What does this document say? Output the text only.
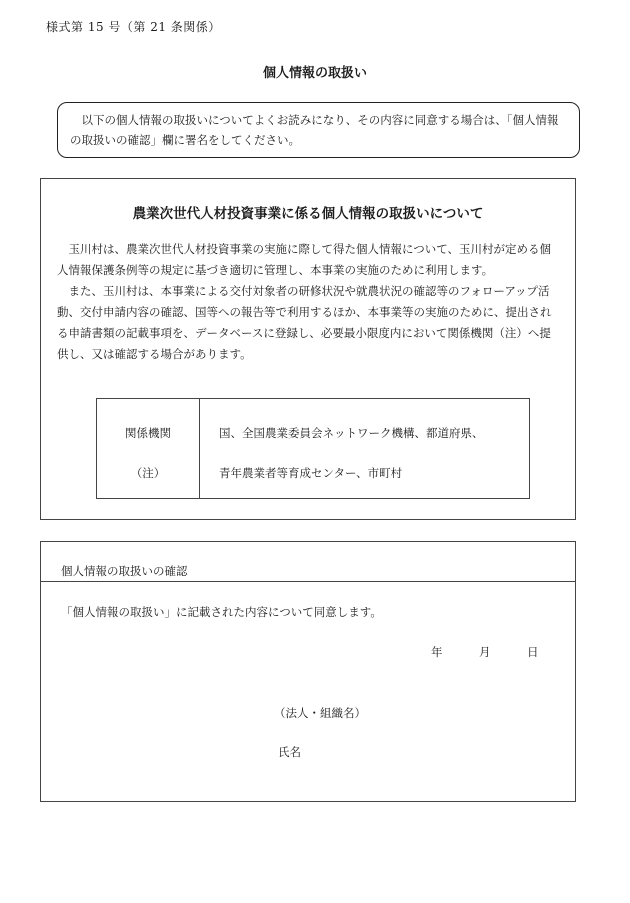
様式第 15 号（第 21 条関係）
個人情報の取扱い
以下の個人情報の取扱いについてよくお読みになり、その内容に同意する場合は、「個人情報の取扱いの確認」欄に署名をしてください。
農業次世代人材投資事業に係る個人情報の取扱いについて

玉川村は、農業次世代人材投資事業の実施に際して得た個人情報について、玉川村が定める個人情報保護条例等の規定に基づき適切に管理し、本事業の実施のために利用します。

また、玉川村は、本事業による交付対象者の研修状況や就農状況の確認等のフォローアップ活動、交付申請内容の確認、国等への報告等で利用するほか、本事業等の実施のために、提出される申請書類の記載事項を、データベースに登録し、必要最小限度内において関係機関（注）へ提供し、又は確認する場合があります。

関係機関
（注）
国、全国農業委員会ネットワーク機構、都道府県、
青年農業者等育成センター、市町村
個人情報の取扱いの確認
「個人情報の取扱い」に記載された内容について同意します。
年	月	日
（法人・組織名）
氏名
